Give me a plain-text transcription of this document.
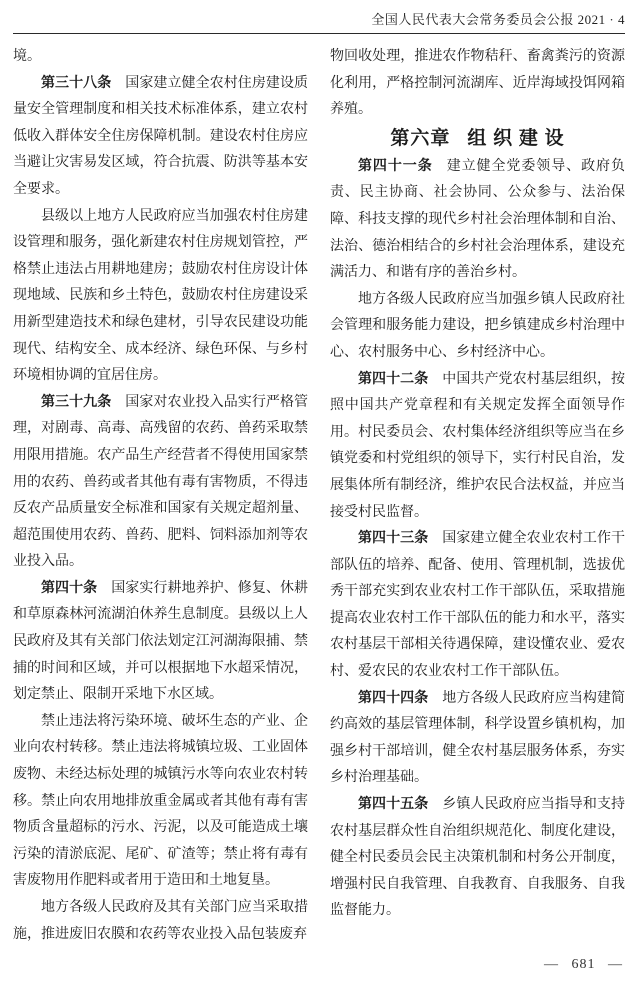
全国人民代表大会常务委员会公报 2021 · 4

境。

第三十八条 国家建立健全农村住房建设质量安全管理制度和相关技术标准体系，建立农村低收入群体安全住房保障机制。建设农村住房应当避让灾害易发区域，符合抗震、防洪等基本安全要求。

县级以上地方人民政府应当加强农村住房建设管理和服务，强化新建农村住房规划管控，严格禁止违法占用耕地建房；鼓励农村住房设计体现地域、民族和乡土特色，鼓励农村住房建设采用新型建造技术和绿色建材，引导农民建设功能现代、结构安全、成本经济、绿色环保、与乡村环境相协调的宜居住房。

第三十九条 国家对农业投入品实行严格管理，对剧毒、高毒、高残留的农药、兽药采取禁用限用措施。农产品生产经营者不得使用国家禁用的农药、兽药或者其他有毒有害物质，不得违反农产品质量安全标准和国家有关规定超剂量、超范围使用农药、兽药、肥料、饲料添加剂等农业投入品。

第四十条 国家实行耕地养护、修复、休耕和草原森林河流湖泊休养生息制度。县级以上人民政府及其有关部门依法划定江河湖海限捕、禁捕的时间和区域，并可以根据地下水超采情况，划定禁止、限制开采地下水区域。

禁止违法将污染环境、破坏生态的产业、企业向农村转移。禁止违法将城镇垃圾、工业固体废物、未经达标处理的城镇污水等向农业农村转移。禁止向农用地排放重金属或者其他有毒有害物质含量超标的污水、污泥，以及可能造成土壤污染的清淤底泥、尾矿、矿渣等；禁止将有毒有害废物用作肥料或者用于造田和土地复垦。

地方各级人民政府及其有关部门应当采取措施，推进废旧农膜和农药等农业投入品包装废弃

物回收处理，推进农作物秸秆、畜禽粪污的资源化利用，严格控制河流湖库、近岸海域投饵网箱养殖。

第六章 组 织 建 设

第四十一条 建立健全党委领导、政府负责、民主协商、社会协同、公众参与、法治保障、科技支撑的现代乡村社会治理体制和自治、法治、德治相结合的乡村社会治理体系，建设充满活力、和谐有序的善治乡村。

地方各级人民政府应当加强乡镇人民政府社会管理和服务能力建设，把乡镇建成乡村治理中心、农村服务中心、乡村经济中心。

第四十二条 中国共产党农村基层组织，按照中国共产党章程和有关规定发挥全面领导作用。村民委员会、农村集体经济组织等应当在乡镇党委和村党组织的领导下，实行村民自治，发展集体所有制经济，维护农民合法权益，并应当接受村民监督。

第四十三条 国家建立健全农业农村工作干部队伍的培养、配备、使用、管理机制，选拔优秀干部充实到农业农村工作干部队伍，采取措施提高农业农村工作干部队伍的能力和水平，落实农村基层干部相关待遇保障，建设懂农业、爱农村、爱农民的农业农村工作干部队伍。

第四十四条 地方各级人民政府应当构建简约高效的基层管理体制，科学设置乡镇机构，加强乡村干部培训，健全农村基层服务体系，夯实乡村治理基础。

第四十五条 乡镇人民政府应当指导和支持农村基层群众性自治组织规范化、制度化建设，健全村民委员会民主决策机制和村务公开制度，增强村民自我管理、自我教育、自我服务、自我监督能力。

— 681 —
